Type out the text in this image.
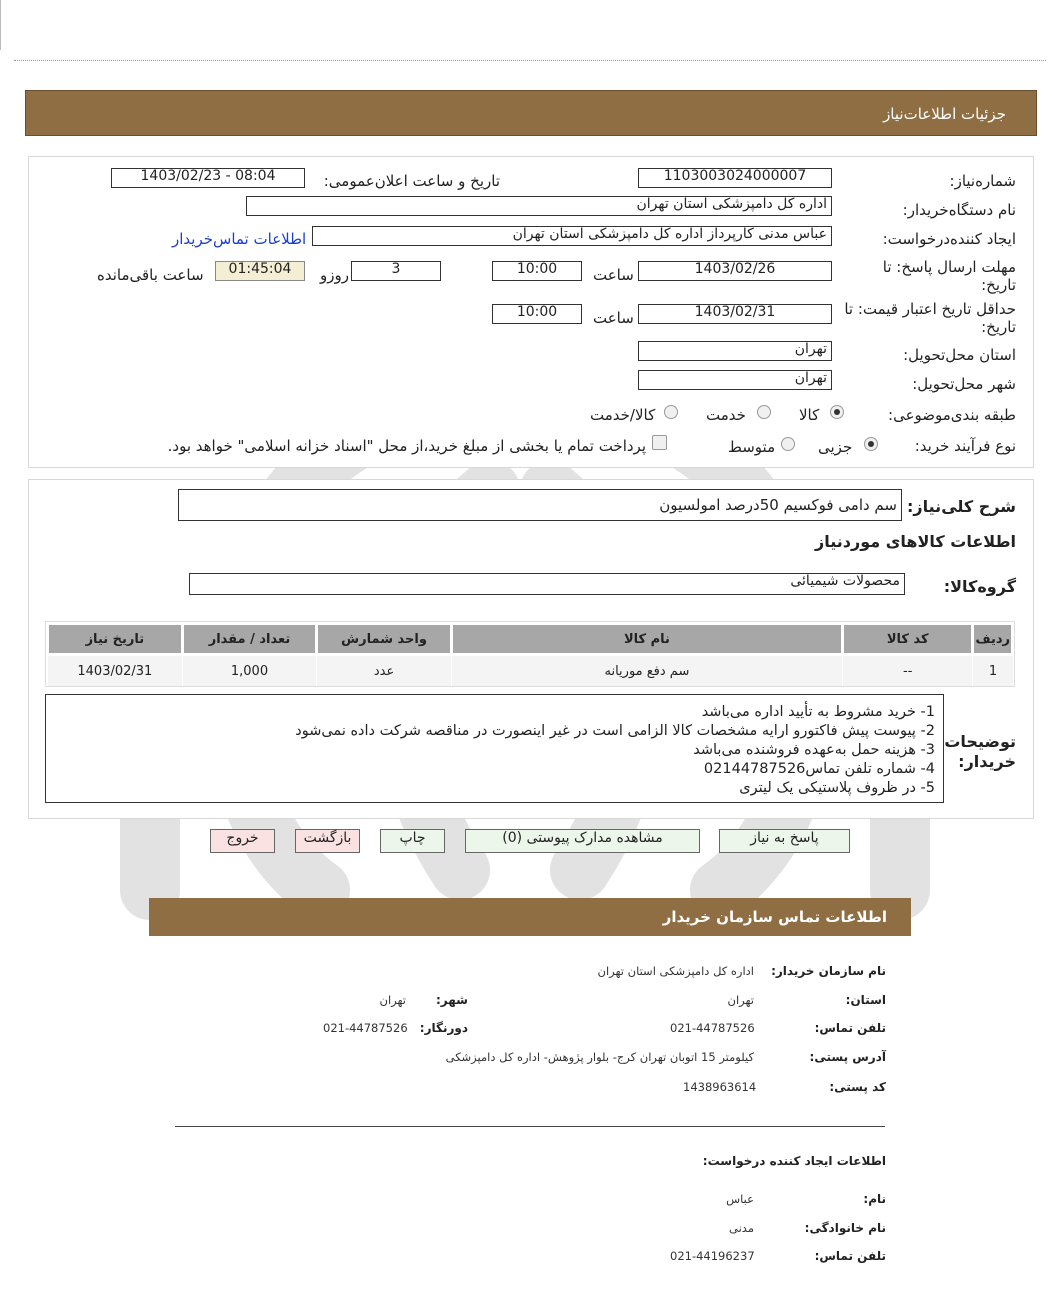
جزئیات اطلاعات‌نیاز
شماره‌نیاز:
1103003024000007
تاریخ و ساعت اعلان‌عمومی:
1403/02/23 - 08:04
نام دستگاه‌خریدار:
اداره کل دامپزشکی استان تهران
ایجاد کننده‌درخواست:
عباس مدنی کارپرداز اداره کل دامپزشکی استان تهران
اطلاعات تماس‌خریدار
مهلت ارسال پاسخ: تا تاریخ:
1403/02/26
ساعت
10:00
3
روزو
01:45:04
ساعت باقی‌مانده
حداقل تاریخ اعتبار قیمت: تا تاریخ:
1403/02/31
ساعت
10:00
استان محل‌تحویل:
تهران
شهر محل‌تحویل:
تهران
طبقه بندی‌موضوعی:
کالا
خدمت
کالا/خدمت
نوع فرآیند خرید:
جزیی
متوسط
پرداخت تمام یا بخشی از مبلغ خرید،از محل "اسناد خزانه اسلامی" خواهد بود.
شرح کلی‌نیاز:
سم دامی فوکسیم 50درصد امولسیون
اطلاعات کالاهای موردنیاز
گروه‌کالا:
محصولات شیمیائی
ردیف	کد کالا	نام کالا	واحد شمارش	تعداد / مقدار	تاریخ نیاز
1	--	سم دفع موریانه	عدد	1,000	1403/02/31
توضیحات خریدار:
1- خرید مشروط به تأیید اداره می‌باشد
2- پیوست پیش فاکتورو ارایه مشخصات کالا الزامی است در غیر اینصورت در مناقصه شرکت داده نمی‌شود
3- هزینه حمل به‌عهده فروشنده می‌باشد
4- شماره تلفن تماس02144787526
5- در ظروف پلاستیکی یک لیتری
پاسخ به نیاز
مشاهده مدارک پیوستی (0)
چاپ
بازگشت
خروج
اطلاعات تماس سازمان خریدار
نام سازمان خریدار:
اداره کل دامپزشکی استان تهران
استان:
تهران
شهر:
تهران
تلفن تماس:
021-44787526
دورنگار:
021-44787526
آدرس پستی:
کیلومتر 15 اتوبان تهران کرج- بلوار پژوهش- اداره کل دامپزشکی
کد پستی:
1438963614
اطلاعات ایجاد کننده درخواست:
نام:
عباس
نام خانوادگی:
مدنی
تلفن تماس:
021-44196237
